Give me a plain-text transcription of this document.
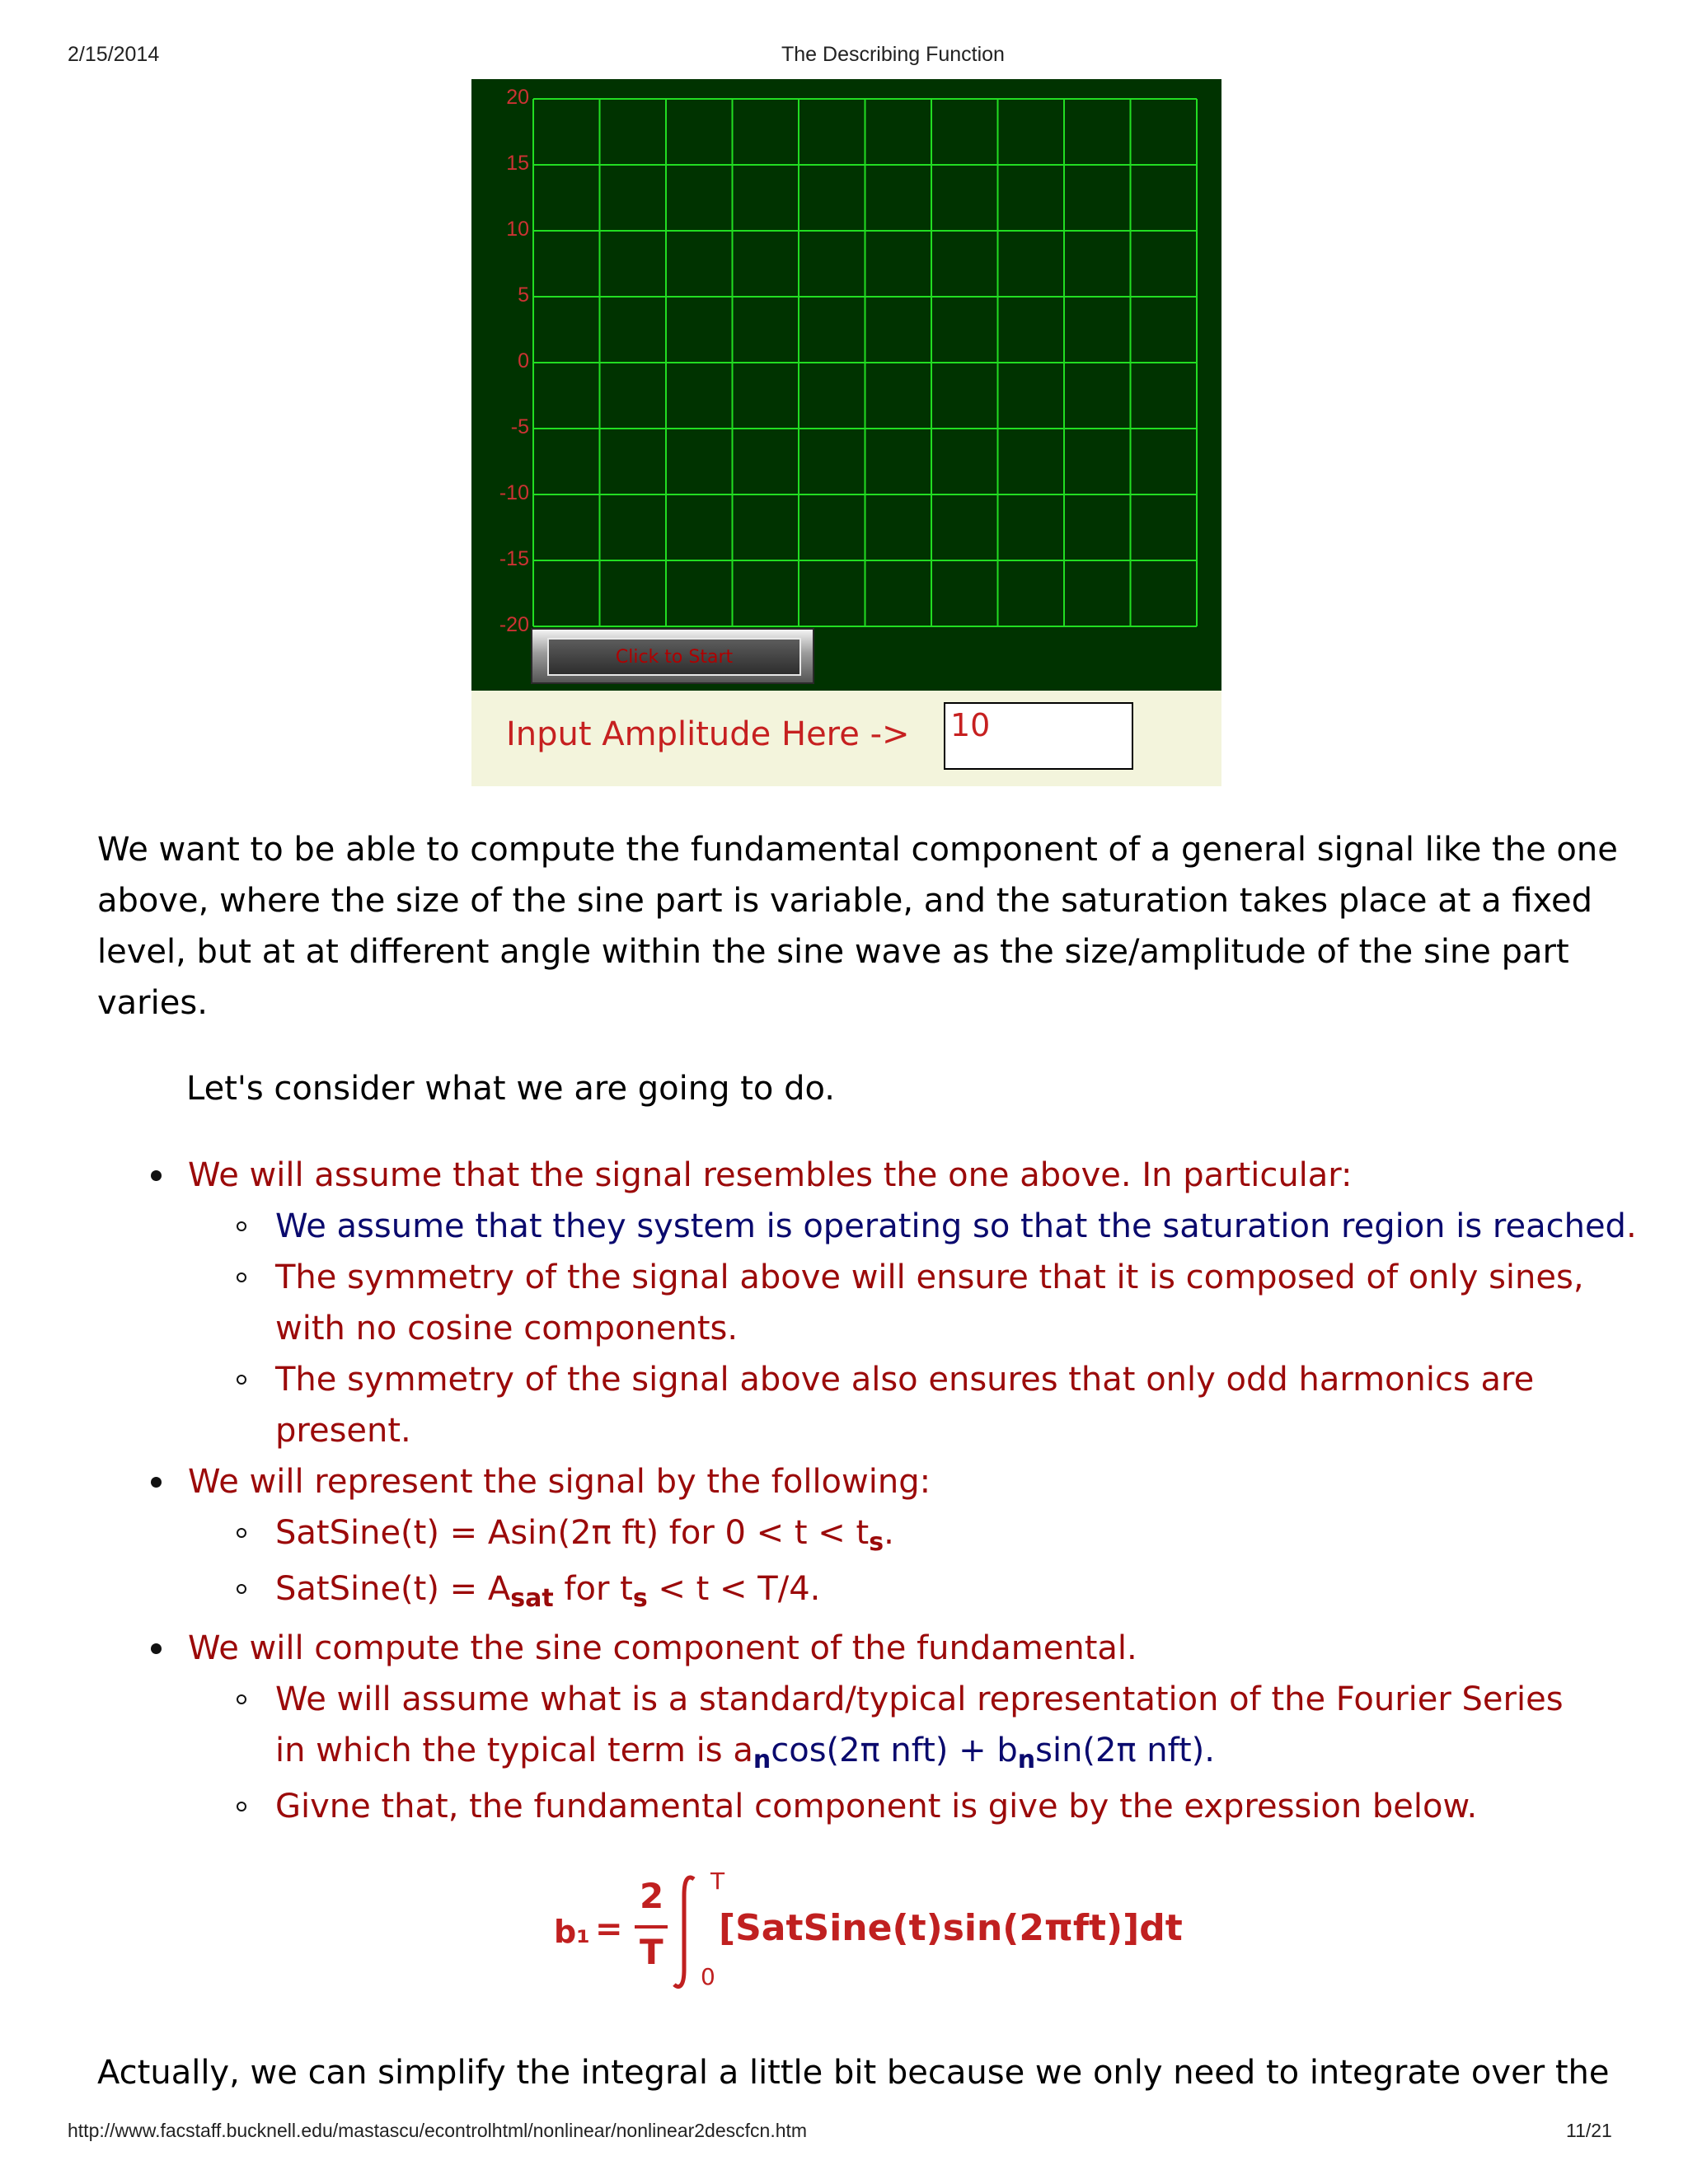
2/15/2014	The Describing Function
20
15
10
5
0
-5
-10
-15
-20
Click to Start
Input Amplitude Here -> 10
We want to be able to compute the fundamental component of a general signal like the one
above, where the size of the sine part is variable, and the saturation takes place at a fixed
level, but at at different angle within the sine wave as the size/amplitude of the sine part
varies.
Let's consider what we are going to do.
We will assume that the signal resembles the one above. In particular:
We assume that they system is operating so that the saturation region is reached.
The symmetry of the signal above will ensure that it is composed of only sines,
with no cosine components.
The symmetry of the signal above also ensures that only odd harmonics are
present.
We will represent the signal by the following:
SatSine(t) = Asin(2π ft) for $0 < t < t_s$.
SatSine(t) = $A_{sat}$ for $t_s < t < T/4$.
We will compute the sine component of the fundamental.
We will assume what is a standard/typical representation of the Fourier Series
in which the typical term is $a_n\cos(2\pi$ $nft) + b_n\sin(2\pi$ nft).
Givne that, the fundamental component is give by the expression below.
b₁ =
2
T
T
0
[SatSine(t)sin(2πft)]dt
Actually, we can simplify the integral a little bit because we only need to integrate over the
http://www.facstaff.bucknell.edu/mastascu/econtrolhtml/nonlinear/nonlinear2descfcn.htm	11/21
